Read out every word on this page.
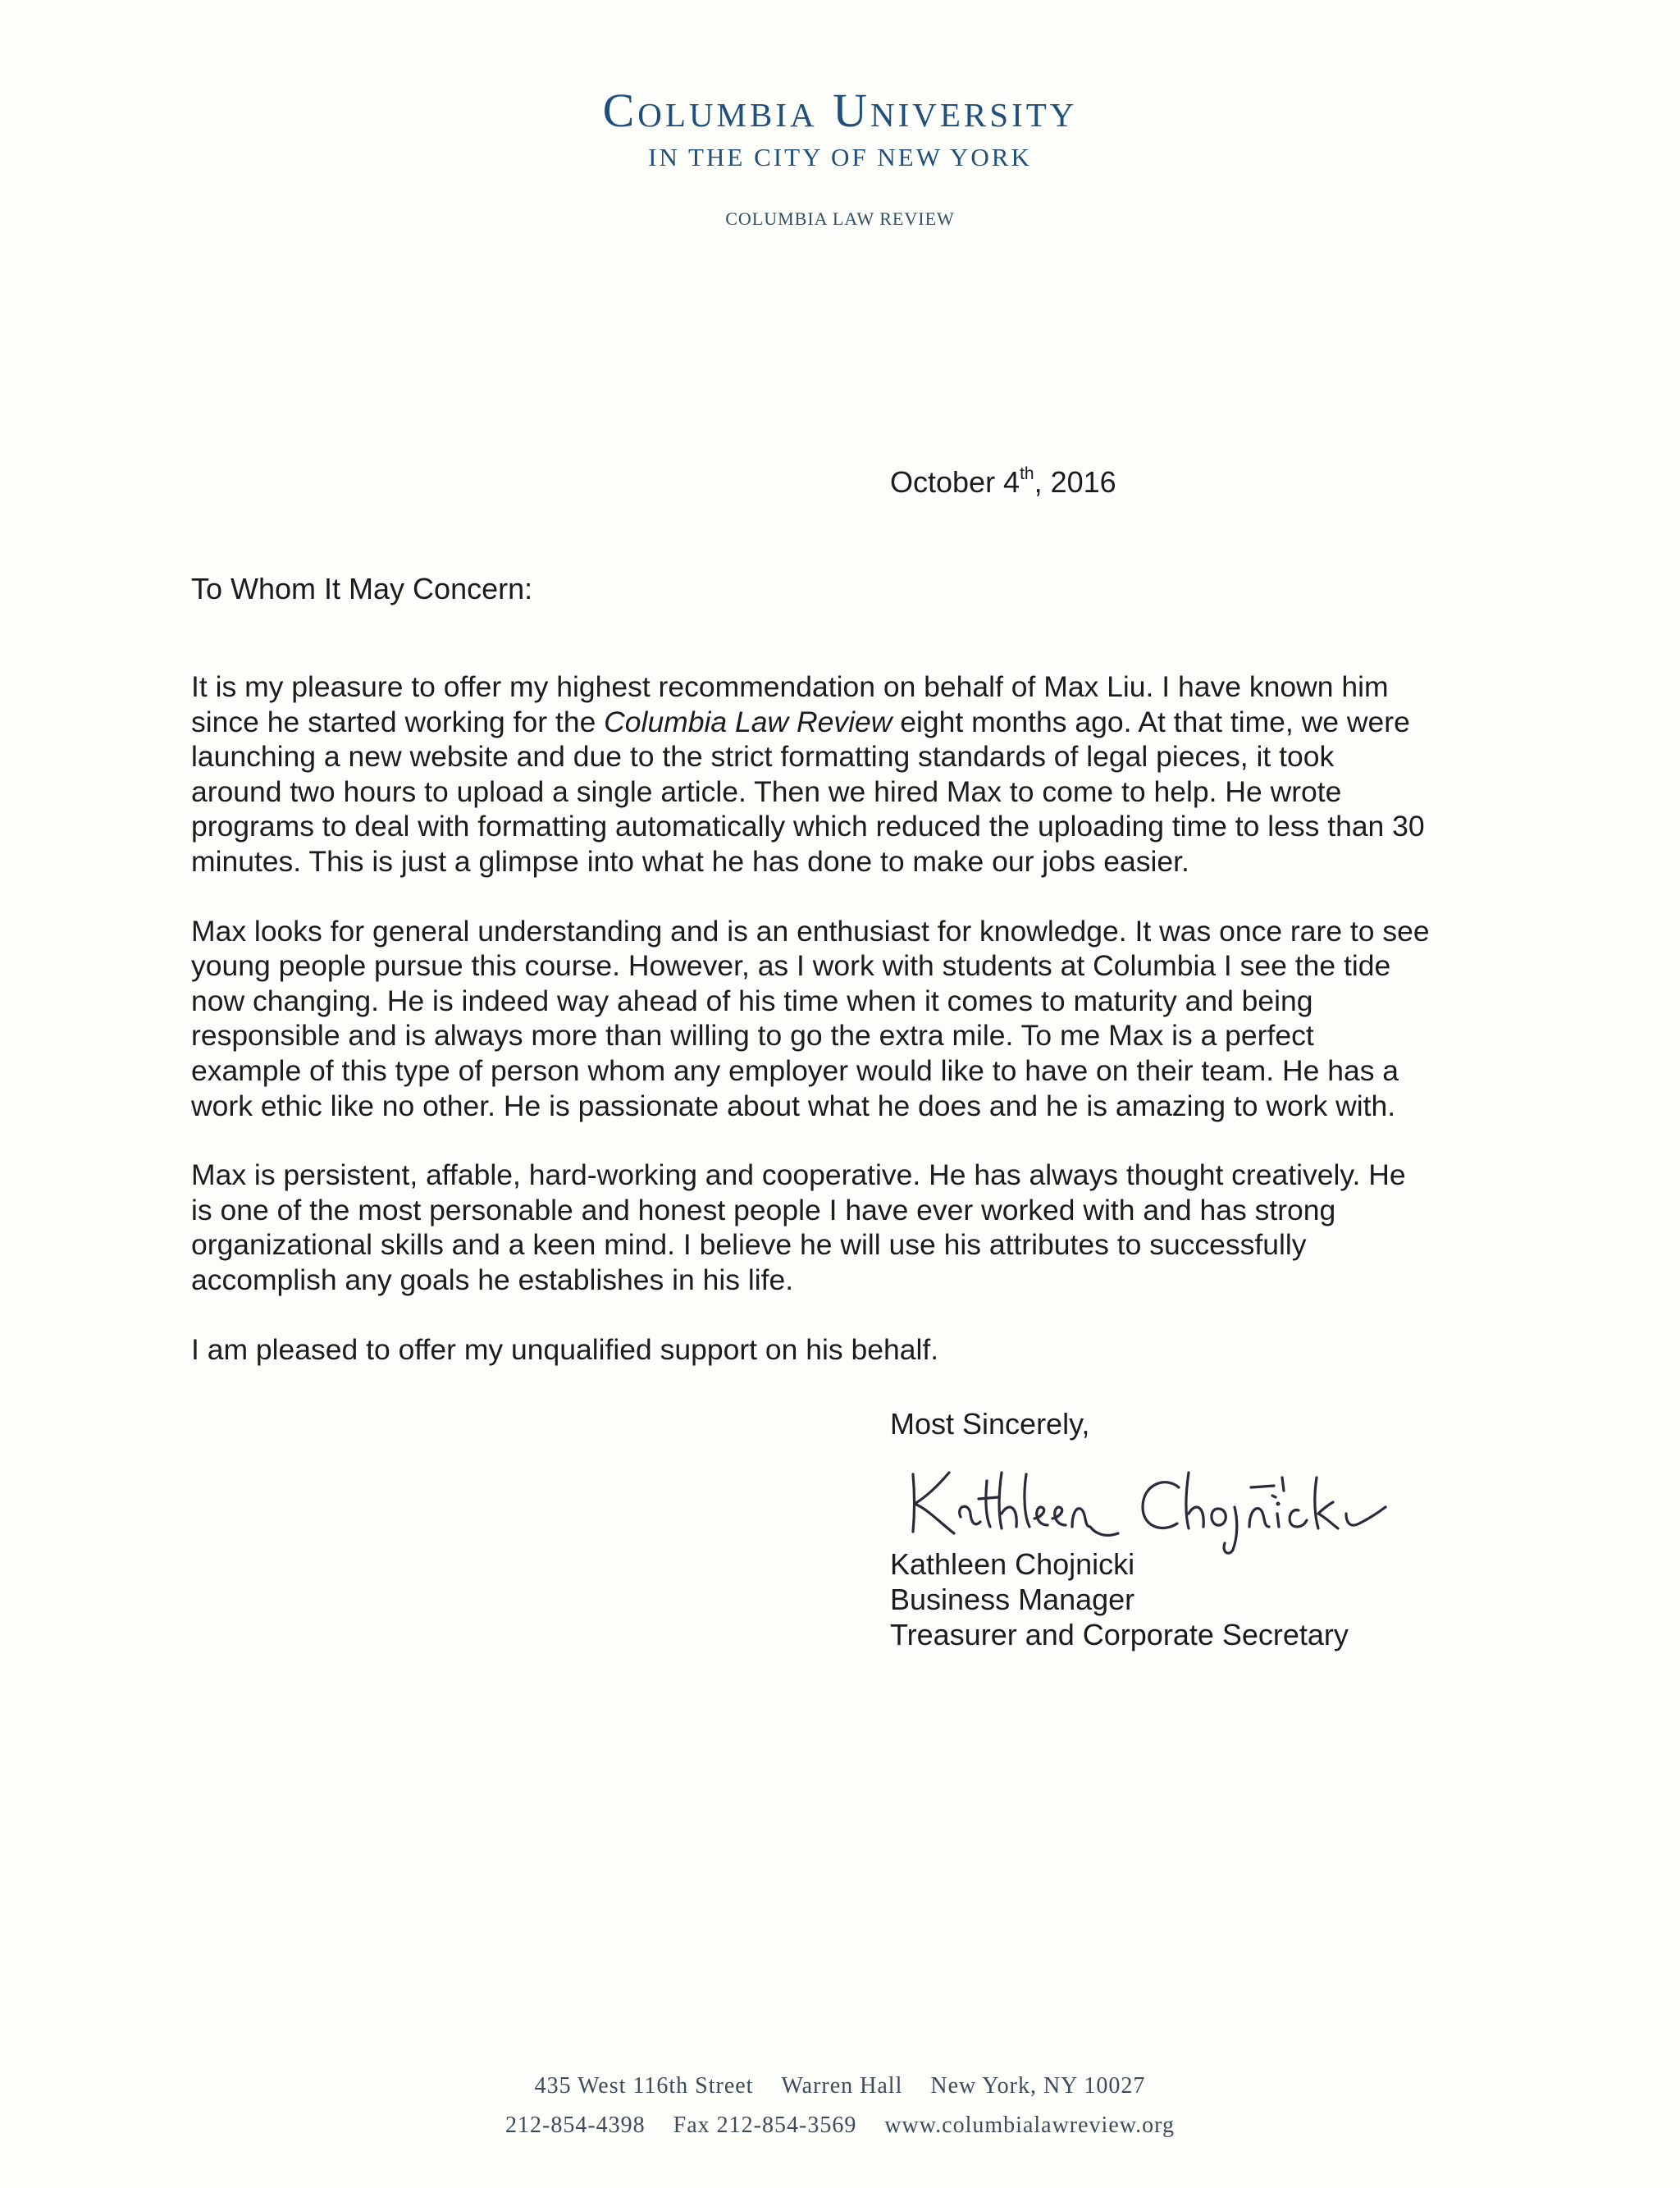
Columbia University
IN THE CITY OF NEW YORK
COLUMBIA LAW REVIEW
October 4th, 2016
To Whom It May Concern:
It is my pleasure to offer my highest recommendation on behalf of Max Liu. I have known him
since he started working for the Columbia Law Review eight months ago. At that time, we were
launching a new website and due to the strict formatting standards of legal pieces, it took
around two hours to upload a single article. Then we hired Max to come to help. He wrote
programs to deal with formatting automatically which reduced the uploading time to less than 30
minutes. This is just a glimpse into what he has done to make our jobs easier.
Max looks for general understanding and is an enthusiast for knowledge. It was once rare to see
young people pursue this course. However, as I work with students at Columbia I see the tide
now changing. He is indeed way ahead of his time when it comes to maturity and being
responsible and is always more than willing to go the extra mile. To me Max is a perfect
example of this type of person whom any employer would like to have on their team. He has a
work ethic like no other. He is passionate about what he does and he is amazing to work with.
Max is persistent, affable, hard-working and cooperative. He has always thought creatively. He
is one of the most personable and honest people I have ever worked with and has strong
organizational skills and a keen mind. I believe he will use his attributes to successfully
accomplish any goals he establishes in his life.
I am pleased to offer my unqualified support on his behalf.
Most Sincerely,
Kathleen Chojnicki
Business Manager
Treasurer and Corporate Secretary
435 West 116th Street Warren Hall New York, NY 10027
212-854-4398 Fax 212-854-3569 www.columbialawreview.org
